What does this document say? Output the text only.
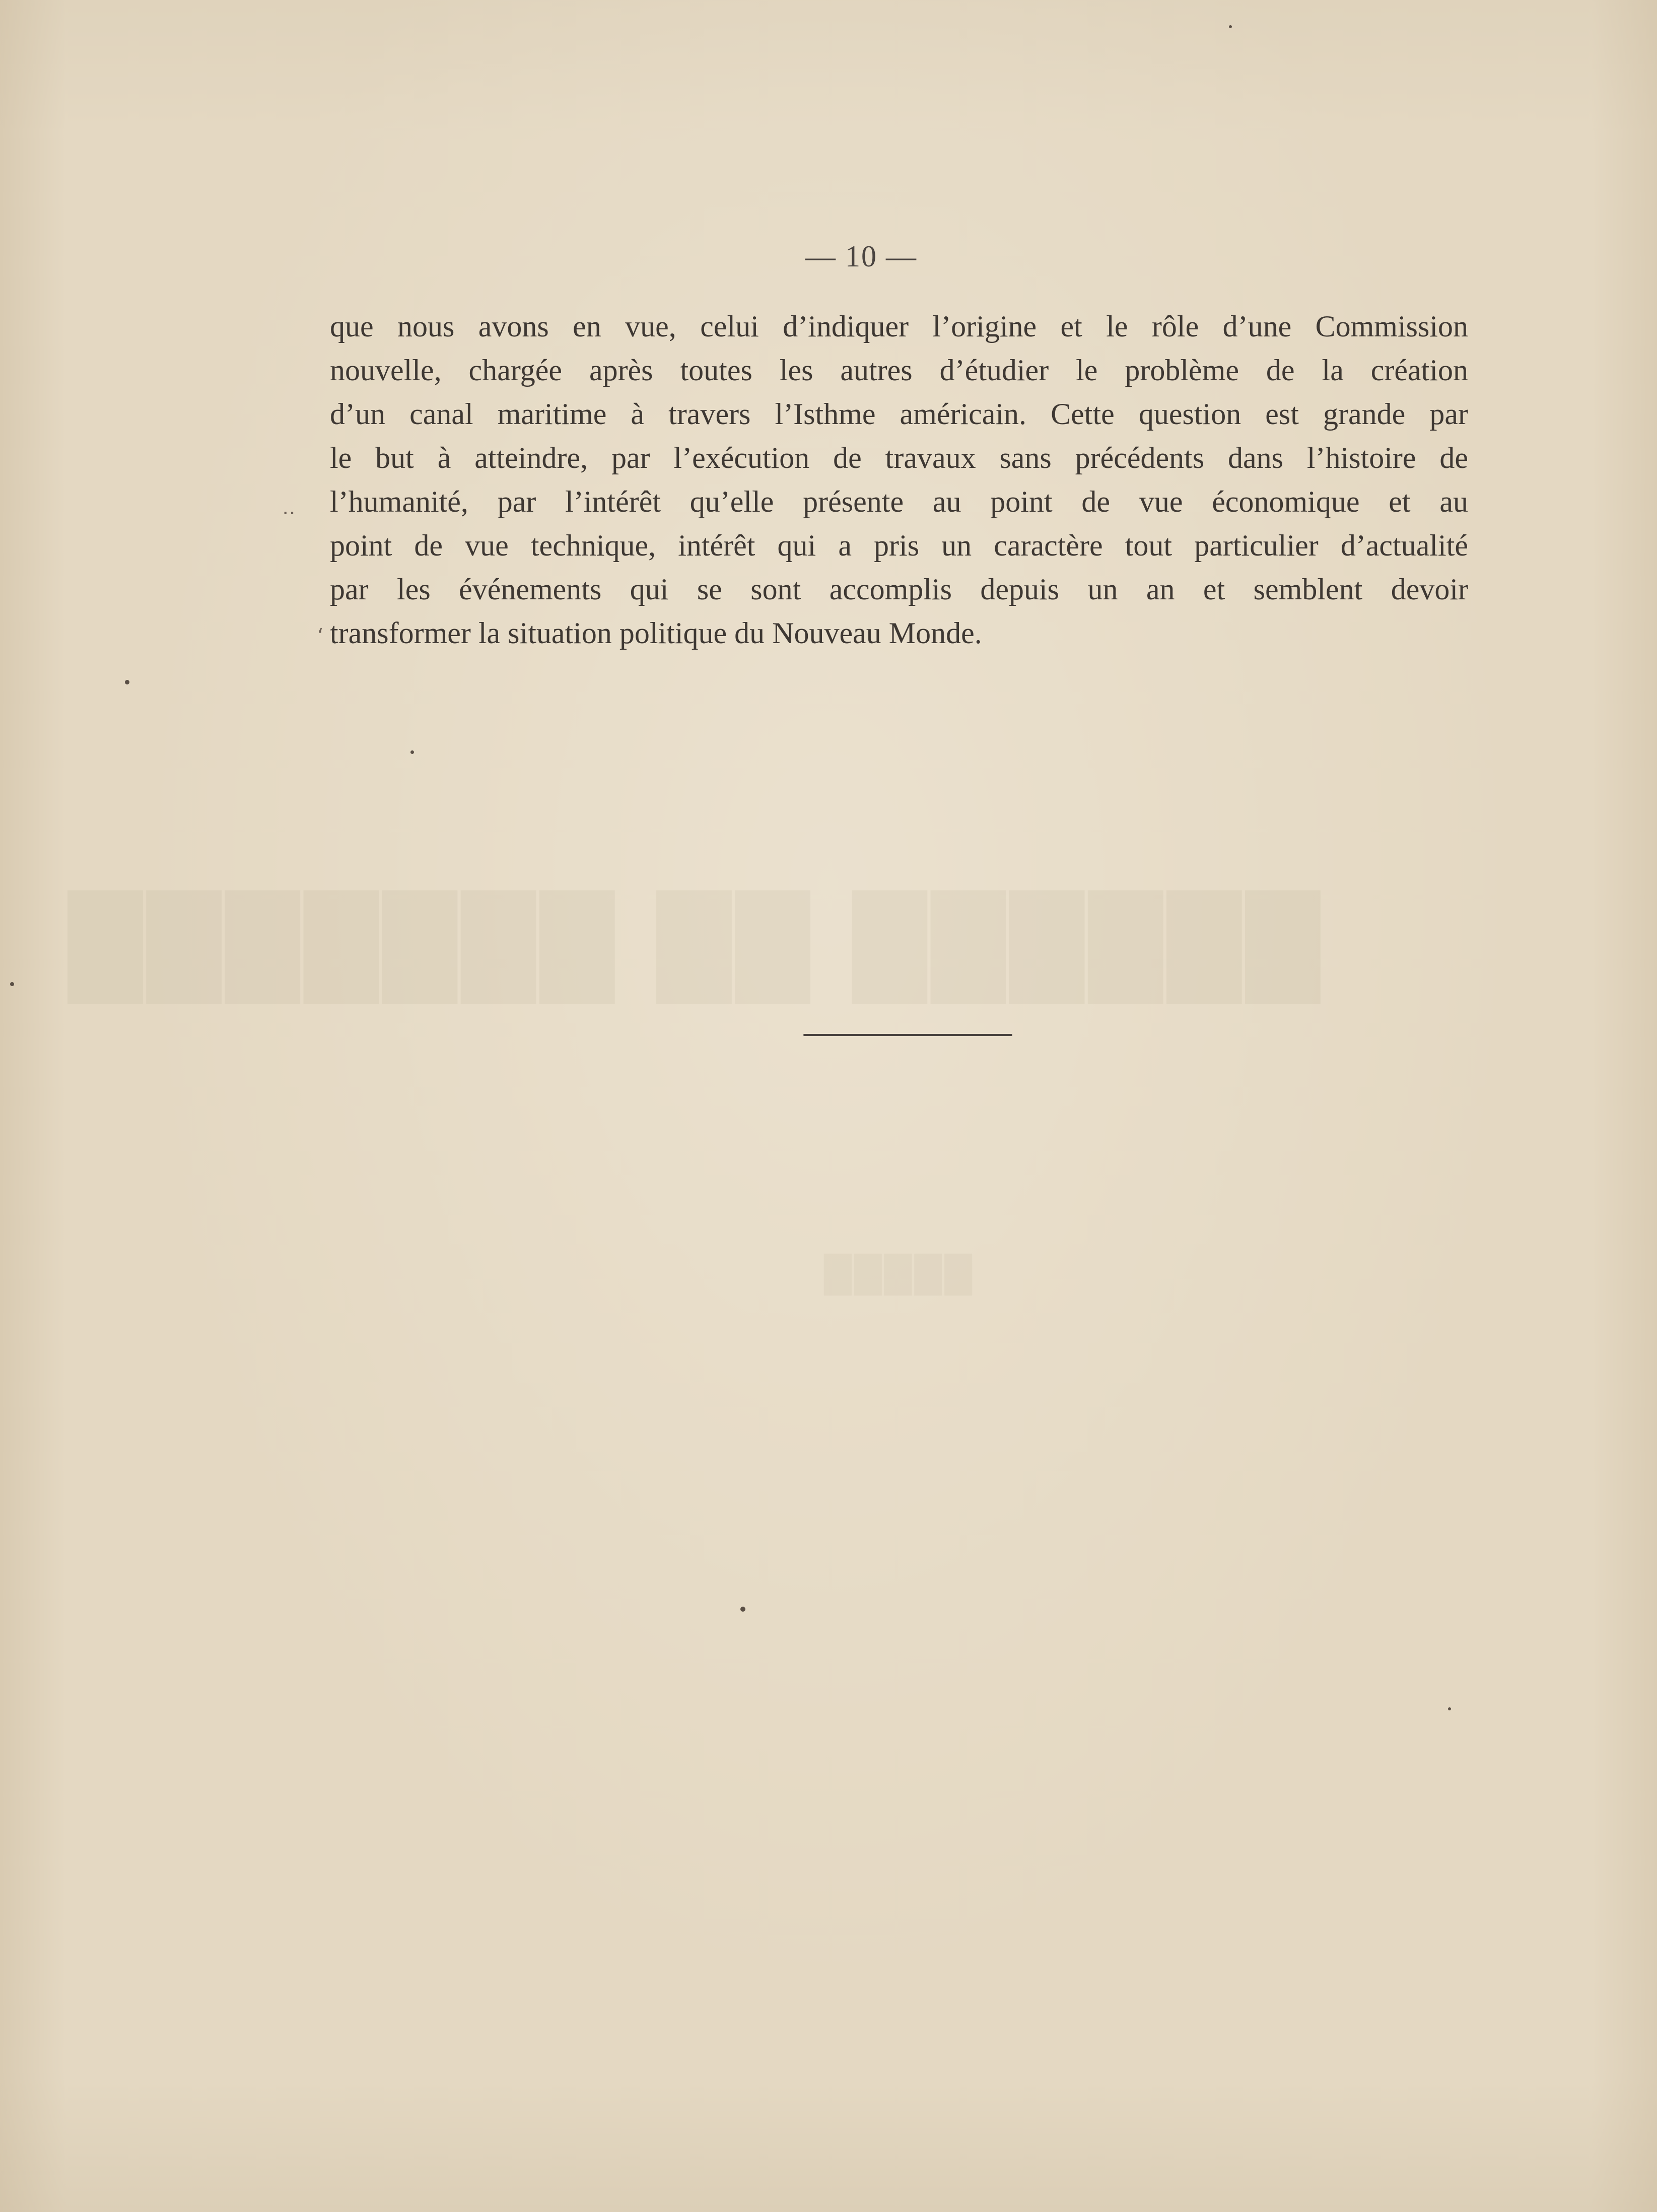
██████ ██ ███████
█████
— 10 —

que nous avons en vue, celui d’indiquer l’origine et le rôle d’une Commission
nouvelle, chargée après toutes les autres d’étudier le problème de la création
d’un canal maritime à travers l’Isthme américain. Cette question est grande par
le but à atteindre, par l’exécution de travaux sans précédents dans l’histoire de
l’humanité, par l’intérêt qu’elle présente au point de vue économique et au
point de vue technique, intérêt qui a pris un caractère tout particulier d’actualité
par les événements qui se sont accomplis depuis un an et semblent devoir
transformer la situation politique du Nouveau Monde.

․․
‘
